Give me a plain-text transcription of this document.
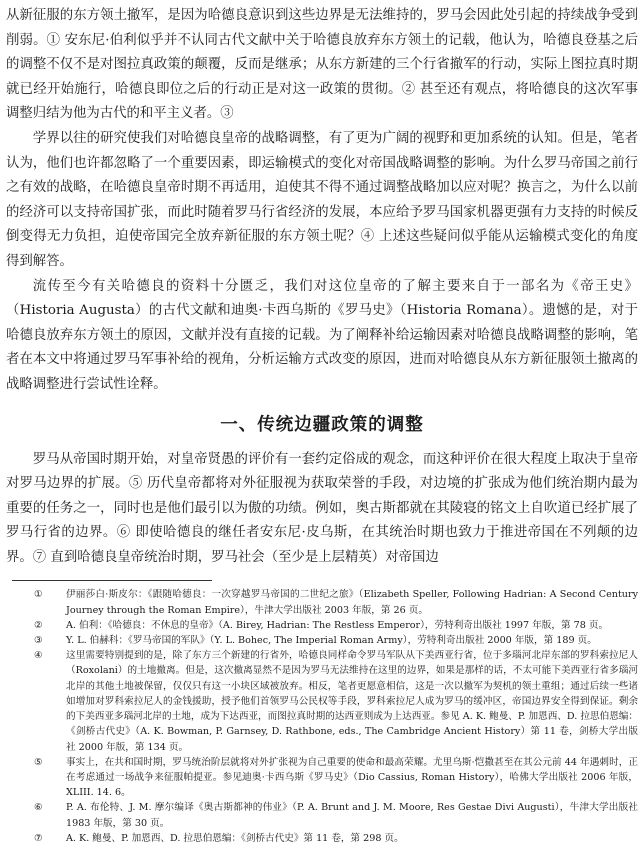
从新征服的东方领土撤军，是因为哈德良意识到这些边界是无法维持的，罗马会因此处引起的持续战争受到削弱。① 安东尼·伯利似乎并不认同古代文献中关于哈德良放弃东方领土的记载，他认为，哈德良登基之后的调整不仅不是对图拉真政策的颠覆，反而是继承；从东方新建的三个行省撤军的行动，实际上图拉真时期就已经开始施行，哈德良即位之后的行动正是对这一政策的贯彻。② 甚至还有观点，将哈德良的这次军事调整归结为他为古代的和平主义者。③

学界以往的研究使我们对哈德良皇帝的战略调整，有了更为广阔的视野和更加系统的认知。但是，笔者认为，他们也许都忽略了一个重要因素，即运输模式的变化对帝国战略调整的影响。为什么罗马帝国之前行之有效的战略，在哈德良皇帝时期不再适用，迫使其不得不通过调整战略加以应对呢？换言之，为什么以前的经济可以支持帝国扩张，而此时随着罗马行省经济的发展，本应给予罗马国家机器更强有力支持的时候反倒变得无力负担，迫使帝国完全放弃新征服的东方领土呢？④ 上述这些疑问似乎能从运输模式变化的角度得到解答。

流传至今有关哈德良的资料十分匮乏，我们对这位皇帝的了解主要来自于一部名为《帝王史》（Historia Augusta）的古代文献和迪奥·卡西乌斯的《罗马史》（Historia Romana）。遗憾的是，对于哈德良放弃东方领土的原因，文献并没有直接的记载。为了阐释补给运输因素对哈德良战略调整的影响，笔者在本文中将通过罗马军事补给的视角，分析运输方式改变的原因，进而对哈德良从东方新征服领土撤离的战略调整进行尝试性诠释。

一、传统边疆政策的调整

罗马从帝国时期开始，对皇帝贤愚的评价有一套约定俗成的观念，而这种评价在很大程度上取决于皇帝对罗马边界的扩展。⑤ 历代皇帝都将对外征服视为获取荣誉的手段，对边境的扩张成为他们统治期内最为重要的任务之一，同时也是他们最引以为傲的功绩。例如，奥古斯都就在其陵寝的铭文上自吹道已经扩展了罗马行省的边界。⑥ 即使哈德良的继任者安东尼·皮乌斯，在其统治时期也致力于推进帝国在不列颠的边界。⑦ 直到哈德良皇帝统治时期，罗马社会（至少是上层精英）对帝国边

① 伊丽莎白·斯皮尔：《跟随哈德良：一次穿越罗马帝国的二世纪之旅》（Elizabeth Speller, Following Hadrian: A Second Century Journey through the Roman Empire），牛津大学出版社 2003 年版，第 26 页。
② A. 伯利：《哈德良：不休息的皇帝》（A. Birey, Hadrian: The Restless Emperor），劳特利奇出版社 1997 年版，第 78 页。
③ Y. L. 伯赫科：《罗马帝国的军队》（Y. L. Bohec, The Imperial Roman Army），劳特利奇出版社 2000 年版，第 189 页。
④ 这里需要特别提到的是，除了东方三个新建的行省外，哈德良同样命令罗马军队从下美西亚行省，位于多瑙河北岸东部的罗科索拉尼人（Roxolani）的土地撤离。但是，这次撤离显然不是因为罗马无法维持在这里的边界，如果是那样的话，不太可能下美西亚行省多瑙河北岸的其他土地被保留，仅仅只有这一小块区域被放弃。相反，笔者更愿意相信，这是一次以撤军为契机的领土重组；通过后续一些诸如增加对罗科索拉尼人的金钱援助，授予他们首领罗马公民权等手段，罗科索拉尼人成为罗马的缓冲区，帝国边界安全得到保证。剩余的下美西亚多瑙河北岸的土地，成为下达西亚，而图拉真时期的达西亚则成为上达西亚。参见 A. K. 鲍曼、P. 加恩西、D. 拉思伯恩编：《剑桥古代史》（A. K. Bowman, P. Garnsey, D. Rathbone, eds., The Cambridge Ancient History）第 11 卷，剑桥大学出版社 2000 年版，第 134 页。
⑤ 事实上，在共和国时期，罗马统治阶层就将对外扩张视为自己重要的使命和最高荣耀。尤里乌斯·恺撒甚至在其公元前 44 年遇刺时，正在考虑通过一场战争来征服帕提亚。参见迪奥·卡西乌斯《罗马史》（Dio Cassius, Roman History），哈佛大学出版社 2006 年版，XLIII. 14. 6。
⑥ P. A. 布伦特、J. M. 摩尔编译《奥古斯都神的伟业》（P. A. Brunt and J. M. Moore, Res Gestae Divi Augusti），牛津大学出版社 1983 年版，第 30 页。
⑦ A. K. 鲍曼、P. 加恩西、D. 拉思伯恩编：《剑桥古代史》第 11 卷，第 298 页。
